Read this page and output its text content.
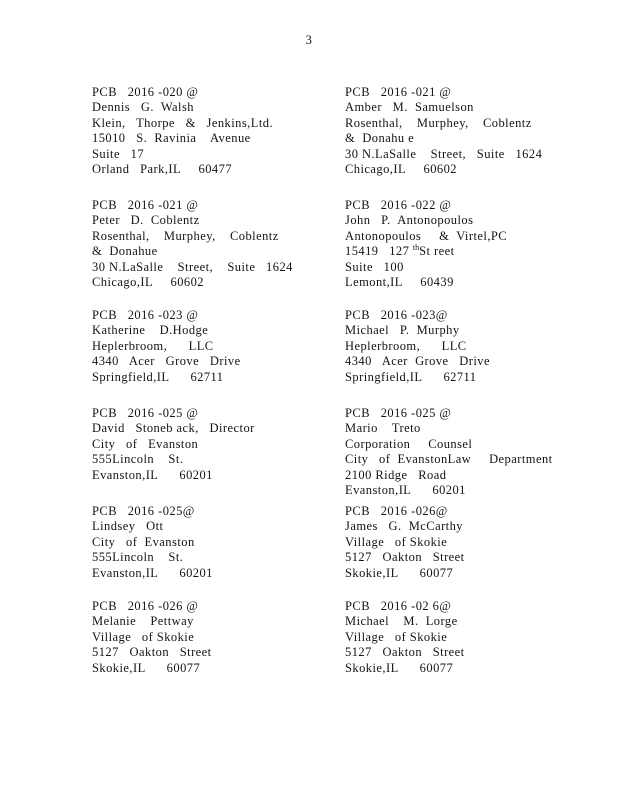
3
PCB   2016 -020 @
Dennis   G.  Walsh
Klein,   Thorpe   &   Jenkins,Ltd.
15010   S.  Ravinia    Avenue
Suite   17
Orland   Park,IL     60477
PCB   2016 -021 @
Amber   M.  Samuelson
Rosenthal,    Murphey,    Coblentz
&  Donahu e
30 N.LaSalle    Street,   Suite   1624
Chicago,IL     60602
PCB   2016 -021 @
Peter   D.  Coblentz
Rosenthal,    Murphey,    Coblentz
&  Donahue
30 N.LaSalle    Street,    Suite   1624
Chicago,IL     60602
PCB   2016 -022 @
John   P.  Antonopoulos
Antonopoulos     &  Virtel,PC
15419   127 $^{th}$St reet
Suite   100
Lemont,IL     60439
PCB   2016 -023 @
Katherine    D.Hodge
Heplerbroom,      LLC
4340   Acer   Grove   Drive
Springfield,IL      62711
PCB   2016 -023@
Michael   P.  Murphy
Heplerbroom,      LLC
4340   Acer  Grove   Drive
Springfield,IL      62711
PCB   2016 -025 @
David   Stoneb ack,   Director
City   of   Evanston
555Lincoln    St.
Evanston,IL      60201
PCB   2016 -025 @
Mario    Treto
Corporation     Counsel
City   of  EvanstonLaw     Department
2100 Ridge   Road
Evanston,IL      60201
PCB   2016 -025@
Lindsey   Ott
City   of  Evanston
555Lincoln    St.
Evanston,IL      60201
PCB   2016 -026@
James   G.  McCarthy
Village   of Skokie
5127   Oakton   Street
Skokie,IL      60077
PCB   2016 -026 @
Melanie    Pettway
Village   of Skokie
5127   Oakton   Street
Skokie,IL      60077
PCB   2016 -02 6@
Michael    M.  Lorge
Village   of Skokie
5127   Oakton   Street
Skokie,IL      60077
